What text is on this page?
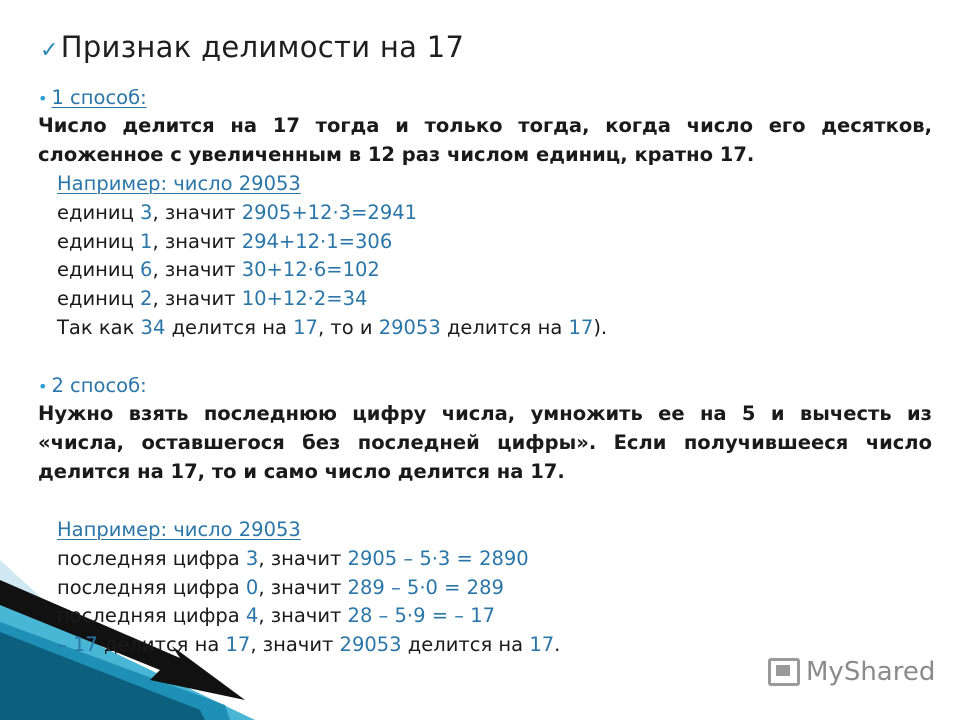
✓Признак делимости на 17
• 1 способ:
Число делится на 17 тогда и только тогда, когда число его десятков,
сложенное с увеличенным в 12 раз числом единиц, кратно 17.
Например: число 29053
единиц 3, значит 2905+12·3=2941
единиц 1, значит 294+12·1=306
единиц 6, значит 30+12·6=102
единиц 2, значит 10+12·2=34
Так как 34 делится на 17, то и 29053 делится на 17).
• 2 способ:
Нужно взять последнюю цифру числа, умножить ее на 5 и вычесть из
«числа, оставшегося без последней цифры». Если получившееся число
делится на 17, то и само число делится на 17.
Например: число 29053
последняя цифра 3, значит 2905 – 5·3 = 2890
последняя цифра 0, значит 289 – 5·0 = 289
последняя цифра 4, значит 28 – 5·9 = – 17
– 17 делится на 17, значит 29053 делится на 17.
MyShared
